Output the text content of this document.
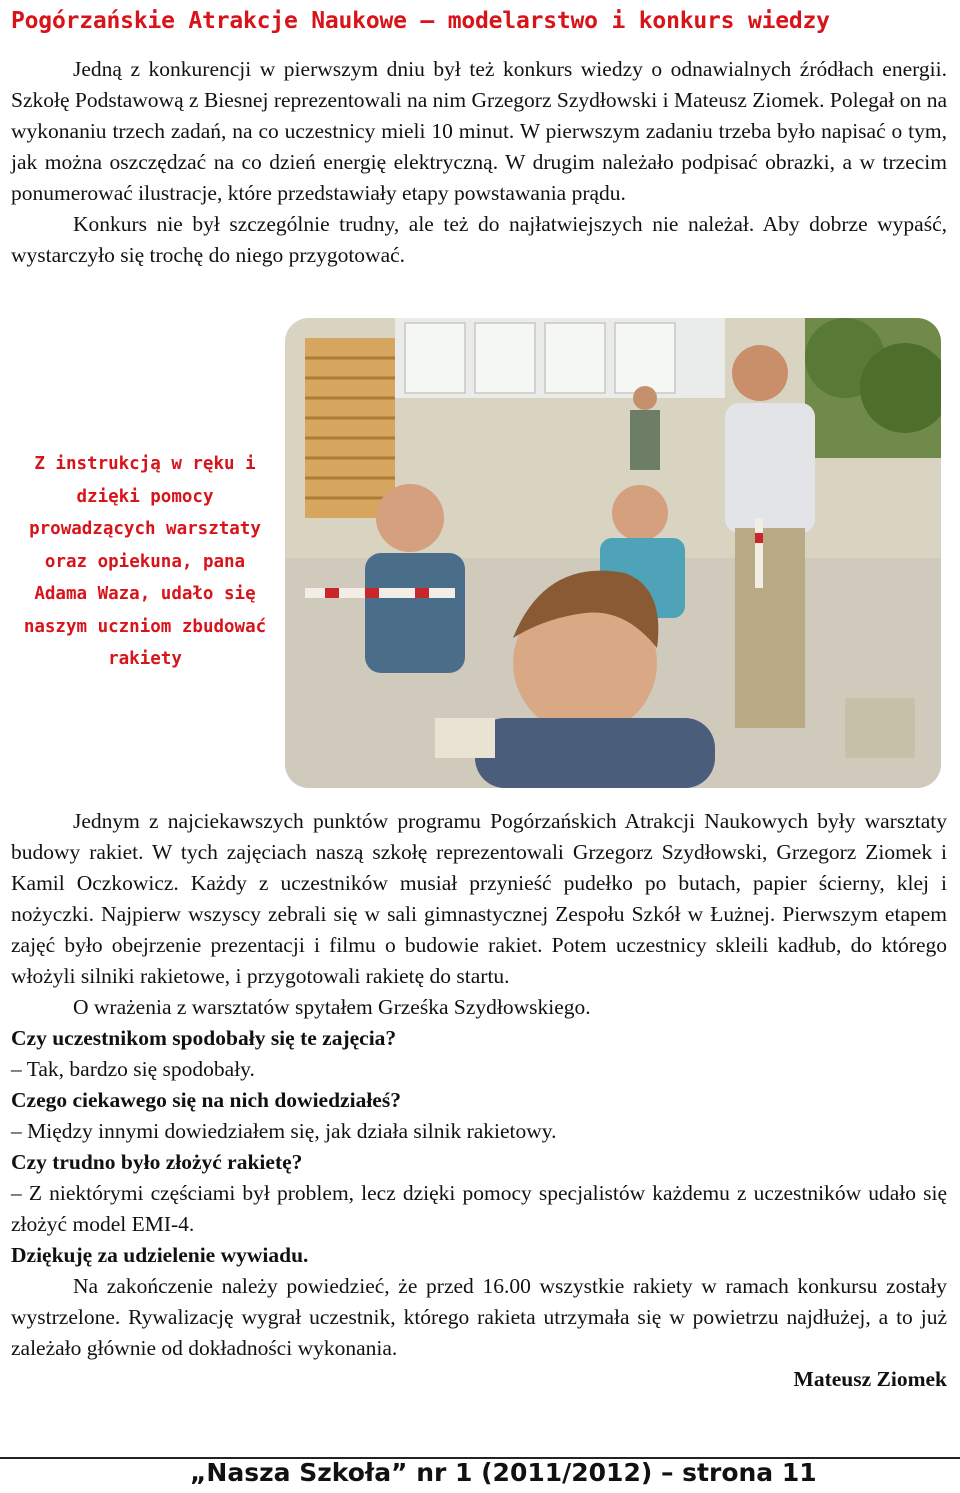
Pogórzańskie Atrakcje Naukowe — modelarstwo i konkurs wiedzy

Jedną z konkurencji w pierwszym dniu był też konkurs wiedzy o odnawialnych źródłach energii. Szkołę Podstawową z Biesnej reprezentowali na nim Grzegorz Szydłowski i Mateusz Ziomek. Polegał on na wykonaniu trzech zadań, na co uczestnicy mieli 10 minut. W pierwszym zadaniu trzeba było napisać o tym, jak można oszczędzać na co dzień energię elektryczną. W drugim należało podpisać obrazki, a w trzecim ponumerować ilustracje, które przedstawiały etapy powstawania prądu.

Konkurs nie był szczególnie trudny, ale też do najłatwiejszych nie należał. Aby dobrze wypaść, wystarczyło się trochę do niego przygotować.

Z instrukcją w ręku i dzięki pomocy prowadzących warsztaty oraz opiekuna, pana Adama Waza, udało się naszym uczniom zbudować rakiety

Jednym z najciekawszych punktów programu Pogórzańskich Atrakcji Naukowych były warsztaty budowy rakiet. W tych zajęciach naszą szkołę reprezentowali Grzegorz Szydłowski, Grzegorz Ziomek i Kamil Oczkowicz. Każdy z uczestników musiał przynieść pudełko po butach, papier ścierny, klej i nożyczki. Najpierw wszyscy zebrali się w sali gimnastycznej Zespołu Szkół w Łużnej. Pierwszym etapem zajęć było obejrzenie prezentacji i filmu o budowie rakiet. Potem uczestnicy skleili kadłub, do którego włożyli silniki rakietowe, i przygotowali rakietę do startu.

O wrażenia z warsztatów spytałem Grześka Szydłowskiego.

Czy uczestnikom spodobały się te zajęcia?

– Tak, bardzo się spodobały.

Czego ciekawego się na nich dowiedziałeś?

– Między innymi dowiedziałem się, jak działa silnik rakietowy.

Czy trudno było złożyć rakietę?

– Z niektórymi częściami był problem, lecz dzięki pomocy specjalistów każdemu z uczestników udało się złożyć model EMI-4.

Dziękuję za udzielenie wywiadu.

Na zakończenie należy powiedzieć, że przed 16.00 wszystkie rakiety w ramach konkursu zostały wystrzelone. Rywalizację wygrał uczestnik, którego rakieta utrzymała się w powietrzu najdłużej, a to już zależało głównie od dokładności wykonania.

Mateusz Ziomek

„Nasza Szkoła” nr 1 (2011/2012) – strona 11
